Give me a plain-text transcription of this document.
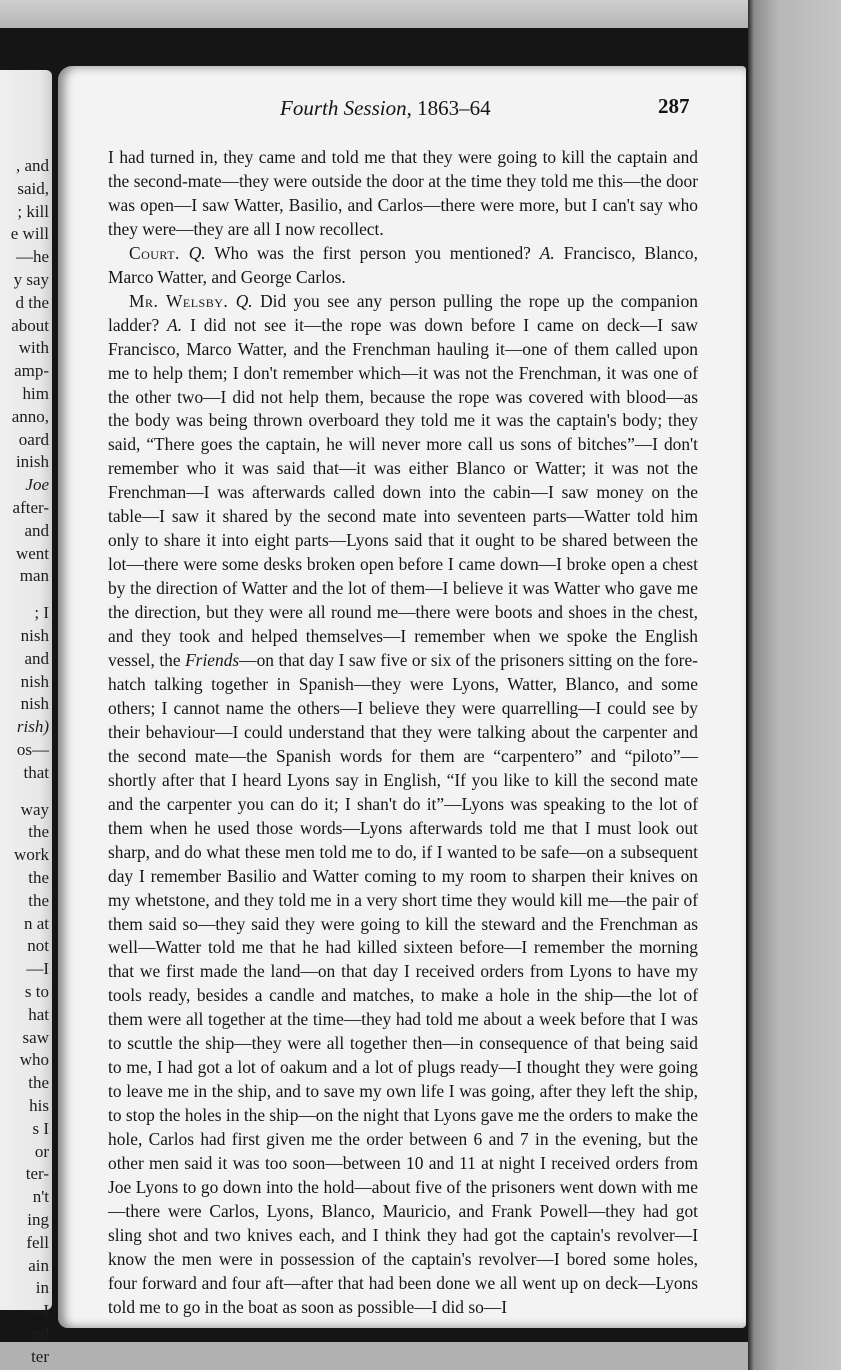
, and
said,
; kill
e will
—he
y say
d the
about
with
amp-
him
anno,
oard
inish
Joe
after-
and
went
man
; I
nish
and
nish
nish
rish)
os—
that
way
the
work
the
the
n at
not
—I
s to
hat
saw
who
the
his
s I
or
ter-
n't
ing
fell
ain
in
—I
nd
ter
Fourth Session, 1863–64	287

I had turned in, they came and told me that they were going to kill the captain and the second-mate—they were outside the door at the time they told me this—the door was open—I saw Watter, Basilio, and Carlos—there were more, but I can't say who they were—they are all I now recollect.

Court. Q. Who was the first person you mentioned? A. Francisco, Blanco, Marco Watter, and George Carlos.

Mr. Welsby. Q. Did you see any person pulling the rope up the companion ladder? A. I did not see it—the rope was down before I came on deck—I saw Francisco, Marco Watter, and the Frenchman hauling it—one of them called upon me to help them; I don't remember which—it was not the Frenchman, it was one of the other two—I did not help them, because the rope was covered with blood—as the body was being thrown overboard they told me it was the captain's body; they said, “There goes the captain, he will never more call us sons of bitches”—I don't remember who it was said that—it was either Blanco or Watter; it was not the Frenchman—I was afterwards called down into the cabin—I saw money on the table—I saw it shared by the second mate into seventeen parts—Watter told him only to share it into eight parts—Lyons said that it ought to be shared between the lot—there were some desks broken open before I came down—I broke open a chest by the direction of Watter and the lot of them—I believe it was Watter who gave me the direction, but they were all round me—there were boots and shoes in the chest, and they took and helped themselves—I remember when we spoke the English vessel, the Friends—on that day I saw five or six of the prisoners sitting on the fore-hatch talking together in Spanish—they were Lyons, Watter, Blanco, and some others; I cannot name the others—I believe they were quarrelling—I could see by their behaviour—I could understand that they were talking about the carpenter and the second mate—the Spanish words for them are “carpentero” and “piloto”—shortly after that I heard Lyons say in English, “If you like to kill the second mate and the carpenter you can do it; I shan't do it”—Lyons was speaking to the lot of them when he used those words—Lyons afterwards told me that I must look out sharp, and do what these men told me to do, if I wanted to be safe—on a subsequent day I remember Basilio and Watter coming to my room to sharpen their knives on my whetstone, and they told me in a very short time they would kill me—the pair of them said so—they said they were going to kill the steward and the Frenchman as well—Watter told me that he had killed sixteen before—I remember the morning that we first made the land—on that day I received orders from Lyons to have my tools ready, besides a candle and matches, to make a hole in the ship—the lot of them were all together at the time—they had told me about a week before that I was to scuttle the ship—they were all together then—in consequence of that being said to me, I had got a lot of oakum and a lot of plugs ready—I thought they were going to leave me in the ship, and to save my own life I was going, after they left the ship, to stop the holes in the ship—on the night that Lyons gave me the orders to make the hole, Carlos had first given me the order between 6 and 7 in the evening, but the other men said it was too soon—between 10 and 11 at night I received orders from Joe Lyons to go down into the hold—about five of the prisoners went down with me—there were Carlos, Lyons, Blanco, Mauricio, and Frank Powell—they had got sling shot and two knives each, and I think they had got the captain's revolver—I know the men were in possession of the captain's revolver—I bored some holes, four forward and four aft—after that had been done we all went up on deck—Lyons told me to go in the boat as soon as possible—I did so—I
